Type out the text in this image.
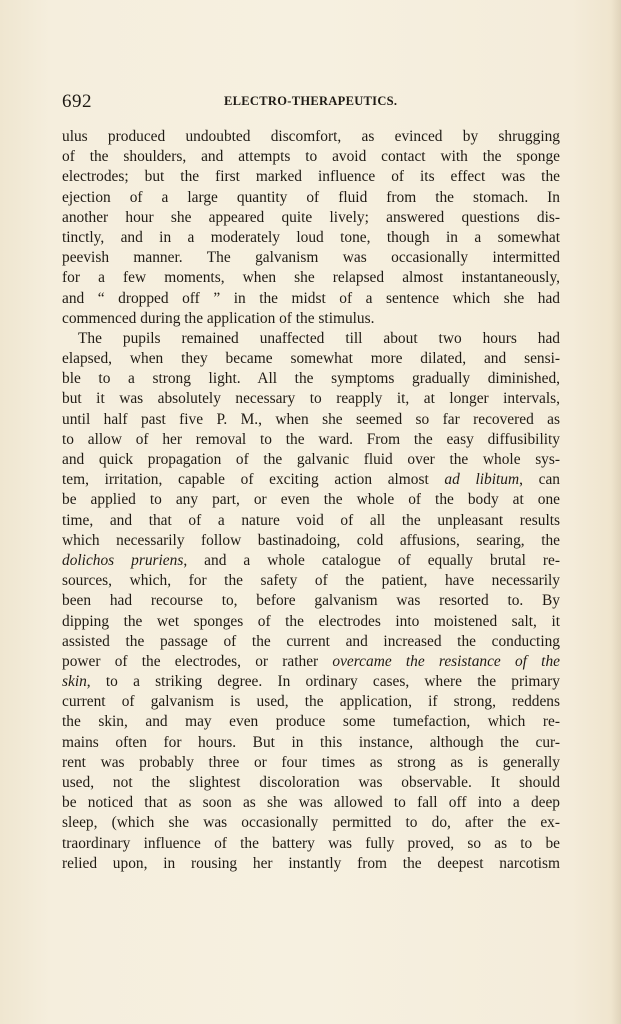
692	ELECTRO-THERAPEUTICS.
ulus produced undoubted discomfort, as evinced by shrugging
of the shoulders, and attempts to avoid contact with the sponge
electrodes; but the first marked influence of its effect was the
ejection of a large quantity of fluid from the stomach. In
another hour she appeared quite lively; answered questions dis-
tinctly, and in a moderately loud tone, though in a somewhat
peevish manner. The galvanism was occasionally intermitted
for a few moments, when she relapsed almost instantaneously,
and “ dropped off ” in the midst of a sentence which she had
commenced during the application of the stimulus.
The pupils remained unaffected till about two hours had
elapsed, when they became somewhat more dilated, and sensi-
ble to a strong light. All the symptoms gradually diminished,
but it was absolutely necessary to reapply it, at longer intervals,
until half past five P. M., when she seemed so far recovered as
to allow of her removal to the ward. From the easy diffusibility
and quick propagation of the galvanic fluid over the whole sys-
tem, irritation, capable of exciting action almost ad libitum, can
be applied to any part, or even the whole of the body at one
time, and that of a nature void of all the unpleasant results
which necessarily follow bastinadoing, cold affusions, searing, the
dolichos pruriens, and a whole catalogue of equally brutal re-
sources, which, for the safety of the patient, have necessarily
been had recourse to, before galvanism was resorted to. By
dipping the wet sponges of the electrodes into moistened salt, it
assisted the passage of the current and increased the conducting
power of the electrodes, or rather overcame the resistance of the
skin, to a striking degree. In ordinary cases, where the primary
current of galvanism is used, the application, if strong, reddens
the skin, and may even produce some tumefaction, which re-
mains often for hours. But in this instance, although the cur-
rent was probably three or four times as strong as is generally
used, not the slightest discoloration was observable. It should
be noticed that as soon as she was allowed to fall off into a deep
sleep, (which she was occasionally permitted to do, after the ex-
traordinary influence of the battery was fully proved, so as to be
relied upon, in rousing her instantly from the deepest narcotism
